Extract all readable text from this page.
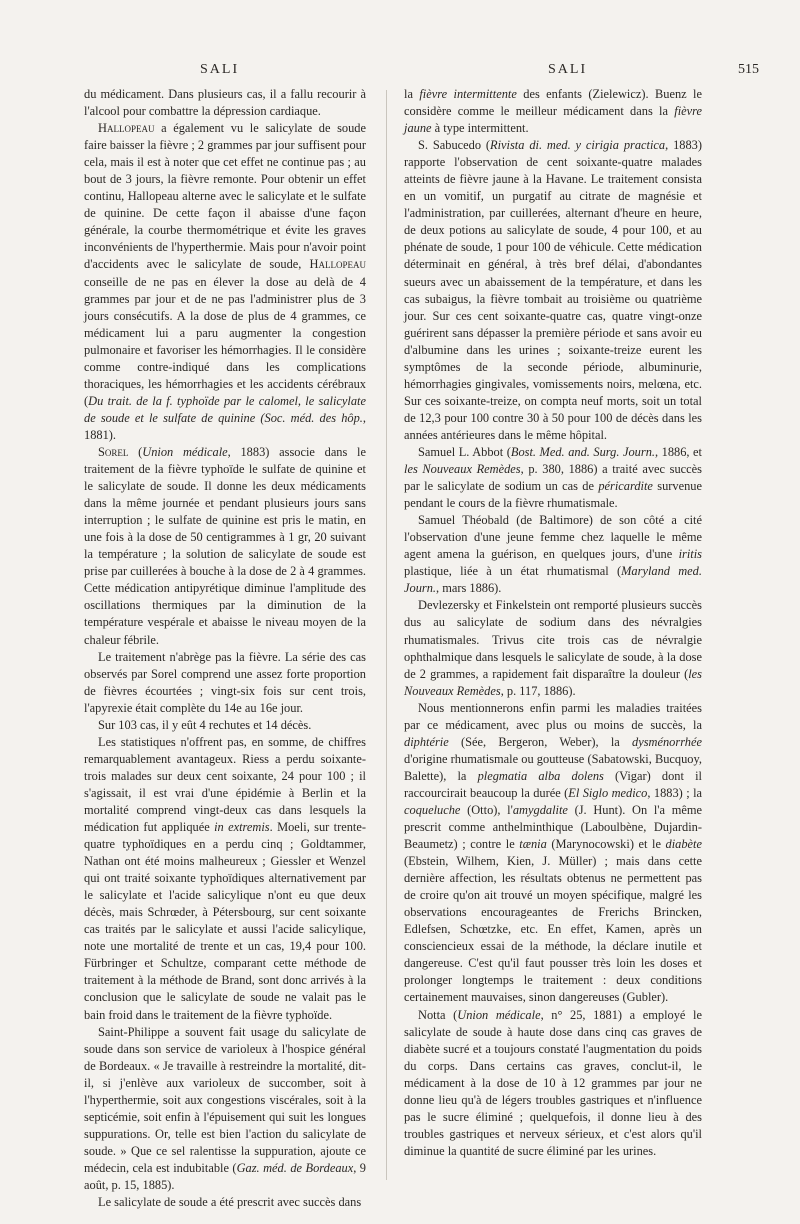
SALI	SALI	515

du médicament. Dans plusieurs cas, il a fallu recourir à l'alcool pour combattre la dépression cardiaque.

Hallopeau a également vu le salicylate de soude faire baisser la fièvre ; 2 grammes par jour suffisent pour cela, mais il est à noter que cet effet ne continue pas ; au bout de 3 jours, la fièvre remonte. Pour obtenir un effet continu, Hallopeau alterne avec le salicylate et le sulfate de quinine. De cette façon il abaisse d'une façon générale, la courbe thermométrique et évite les graves inconvénients de l'hyperthermie. Mais pour n'avoir point d'accidents avec le salicylate de soude, Hallopeau conseille de ne pas en élever la dose au delà de 4 grammes par jour et de ne pas l'administrer plus de 3 jours consécutifs. A la dose de plus de 4 grammes, ce médicament lui a paru augmenter la congestion pulmonaire et favoriser les hémorrhagies. Il le considère comme contre-indiqué dans les complications thoraciques, les hémorrhagies et les accidents cérébraux (Du trait. de la f. typhoïde par le calomel, le salicylate de soude et le sulfate de quinine (Soc. méd. des hôp., 1881).

Sorel (Union médicale, 1883) associe dans le traitement de la fièvre typhoïde le sulfate de quinine et le salicylate de soude. Il donne les deux médicaments dans la même journée et pendant plusieurs jours sans interruption ; le sulfate de quinine est pris le matin, en une fois à la dose de 50 centigrammes à 1 gr, 20 suivant la température ; la solution de salicylate de soude est prise par cuillerées à bouche à la dose de 2 à 4 grammes. Cette médication antipyrétique diminue l'amplitude des oscillations thermiques par la diminution de la température vespérale et abaisse le niveau moyen de la chaleur fébrile.

Le traitement n'abrège pas la fièvre. La série des cas observés par Sorel comprend une assez forte proportion de fièvres écourtées ; vingt-six fois sur cent trois, l'apyrexie était complète du 14e au 16e jour.

Sur 103 cas, il y eût 4 rechutes et 14 décès.

Les statistiques n'offrent pas, en somme, de chiffres remarquablement avantageux. Riess a perdu soixante-trois malades sur deux cent soixante, 24 pour 100 ; il s'agissait, il est vrai d'une épidémie à Berlin et la mortalité comprend vingt-deux cas dans lesquels la médication fut appliquée in extremis. Moeli, sur trente-quatre typhoïdiques en a perdu cinq ; Goldtammer, Nathan ont été moins malheureux ; Giessler et Wenzel qui ont traité soixante typhoïdiques alternativement par le salicylate et l'acide salicylique n'ont eu que deux décès, mais Schrœder, à Pétersbourg, sur cent soixante cas traités par le salicylate et aussi l'acide salicylique, note une mortalité de trente et un cas, 19,4 pour 100. Fürbringer et Schultze, comparant cette méthode de traitement à la méthode de Brand, sont donc arrivés à la conclusion que le salicylate de soude ne valait pas le bain froid dans le traitement de la fièvre typhoïde.

Saint-Philippe a souvent fait usage du salicylate de soude dans son service de varioleux à l'hospice général de Bordeaux. « Je travaille à restreindre la mortalité, dit-il, si j'enlève aux varioleux de succomber, soit à l'hyperthermie, soit aux congestions viscérales, soit à la septicémie, soit enfin à l'épuisement qui suit les longues suppurations. Or, telle est bien l'action du salicylate de soude. » Que ce sel ralentisse la suppuration, ajoute ce médecin, cela est indubitable (Gaz. méd. de Bordeaux, 9 août, p. 15, 1885).

Le salicylate de soude a été prescrit avec succès dans

la fièvre intermittente des enfants (Zielewicz). Buenz le considère comme le meilleur médicament dans la fièvre jaune à type intermittent.

S. Sabucedo (Rivista di. med. y cirigia practica, 1883) rapporte l'observation de cent soixante-quatre malades atteints de fièvre jaune à la Havane. Le traitement consista en un vomitif, un purgatif au citrate de magnésie et l'administration, par cuillerées, alternant d'heure en heure, de deux potions au salicylate de soude, 4 pour 100, et au phénate de soude, 1 pour 100 de véhicule. Cette médication déterminait en général, à très bref délai, d'abondantes sueurs avec un abaissement de la température, et dans les cas subaigus, la fièvre tombait au troisième ou quatrième jour. Sur ces cent soixante-quatre cas, quatre vingt-onze guérirent sans dépasser la première période et sans avoir eu d'albumine dans les urines ; soixante-treize eurent les symptômes de la seconde période, albuminurie, hémorrhagies gingivales, vomissements noirs, melœna, etc. Sur ces soixante-treize, on compta neuf morts, soit un total de 12,3 pour 100 contre 30 à 50 pour 100 de décès dans les années antérieures dans le même hôpital.

Samuel L. Abbot (Bost. Med. and. Surg. Journ., 1886, et les Nouveaux Remèdes, p. 380, 1886) a traité avec succès par le salicylate de sodium un cas de péricardite survenue pendant le cours de la fièvre rhumatismale.

Samuel Théobald (de Baltimore) de son côté a cité l'observation d'une jeune femme chez laquelle le même agent amena la guérison, en quelques jours, d'une iritis plastique, liée à un état rhumatismal (Maryland med. Journ., mars 1886).

Devlezersky et Finkelstein ont remporté plusieurs succès dus au salicylate de sodium dans des névralgies rhumatismales. Trivus cite trois cas de névralgie ophthalmique dans lesquels le salicylate de soude, à la dose de 2 grammes, a rapidement fait disparaître la douleur (les Nouveaux Remèdes, p. 117, 1886).

Nous mentionnerons enfin parmi les maladies traitées par ce médicament, avec plus ou moins de succès, la diphtérie (Sée, Bergeron, Weber), la dysménorrhée d'origine rhumatismale ou goutteuse (Sabatowski, Bucquoy, Balette), la plegmatia alba dolens (Vigar) dont il raccourcirait beaucoup la durée (El Siglo medico, 1883) ; la coqueluche (Otto), l'amygdalite (J. Hunt). On l'a même prescrit comme anthelminthique (Laboulbène, Dujardin-Beaumetz) ; contre le tænia (Marynocowski) et le diabète (Ebstein, Wilhem, Kien, J. Müller) ; mais dans cette dernière affection, les résultats obtenus ne permettent pas de croire qu'on ait trouvé un moyen spécifique, malgré les observations encourageantes de Frerichs Brincken, Edlefsen, Schœtzke, etc. En effet, Kamen, après un consciencieux essai de la méthode, la déclare inutile et dangereuse. C'est qu'il faut pousser très loin les doses et prolonger longtemps le traitement : deux conditions certainement mauvaises, sinon dangereuses (Gubler).

Notta (Union médicale, n° 25, 1881) a employé le salicylate de soude à haute dose dans cinq cas graves de diabète sucré et a toujours constaté l'augmentation du poids du corps. Dans certains cas graves, conclut-il, le médicament à la dose de 10 à 12 grammes par jour ne donne lieu qu'à de légers troubles gastriques et n'influence pas le sucre éliminé ; quelquefois, il donne lieu à des troubles gastriques et nerveux sérieux, et c'est alors qu'il diminue la quantité de sucre éliminé par les urines.
